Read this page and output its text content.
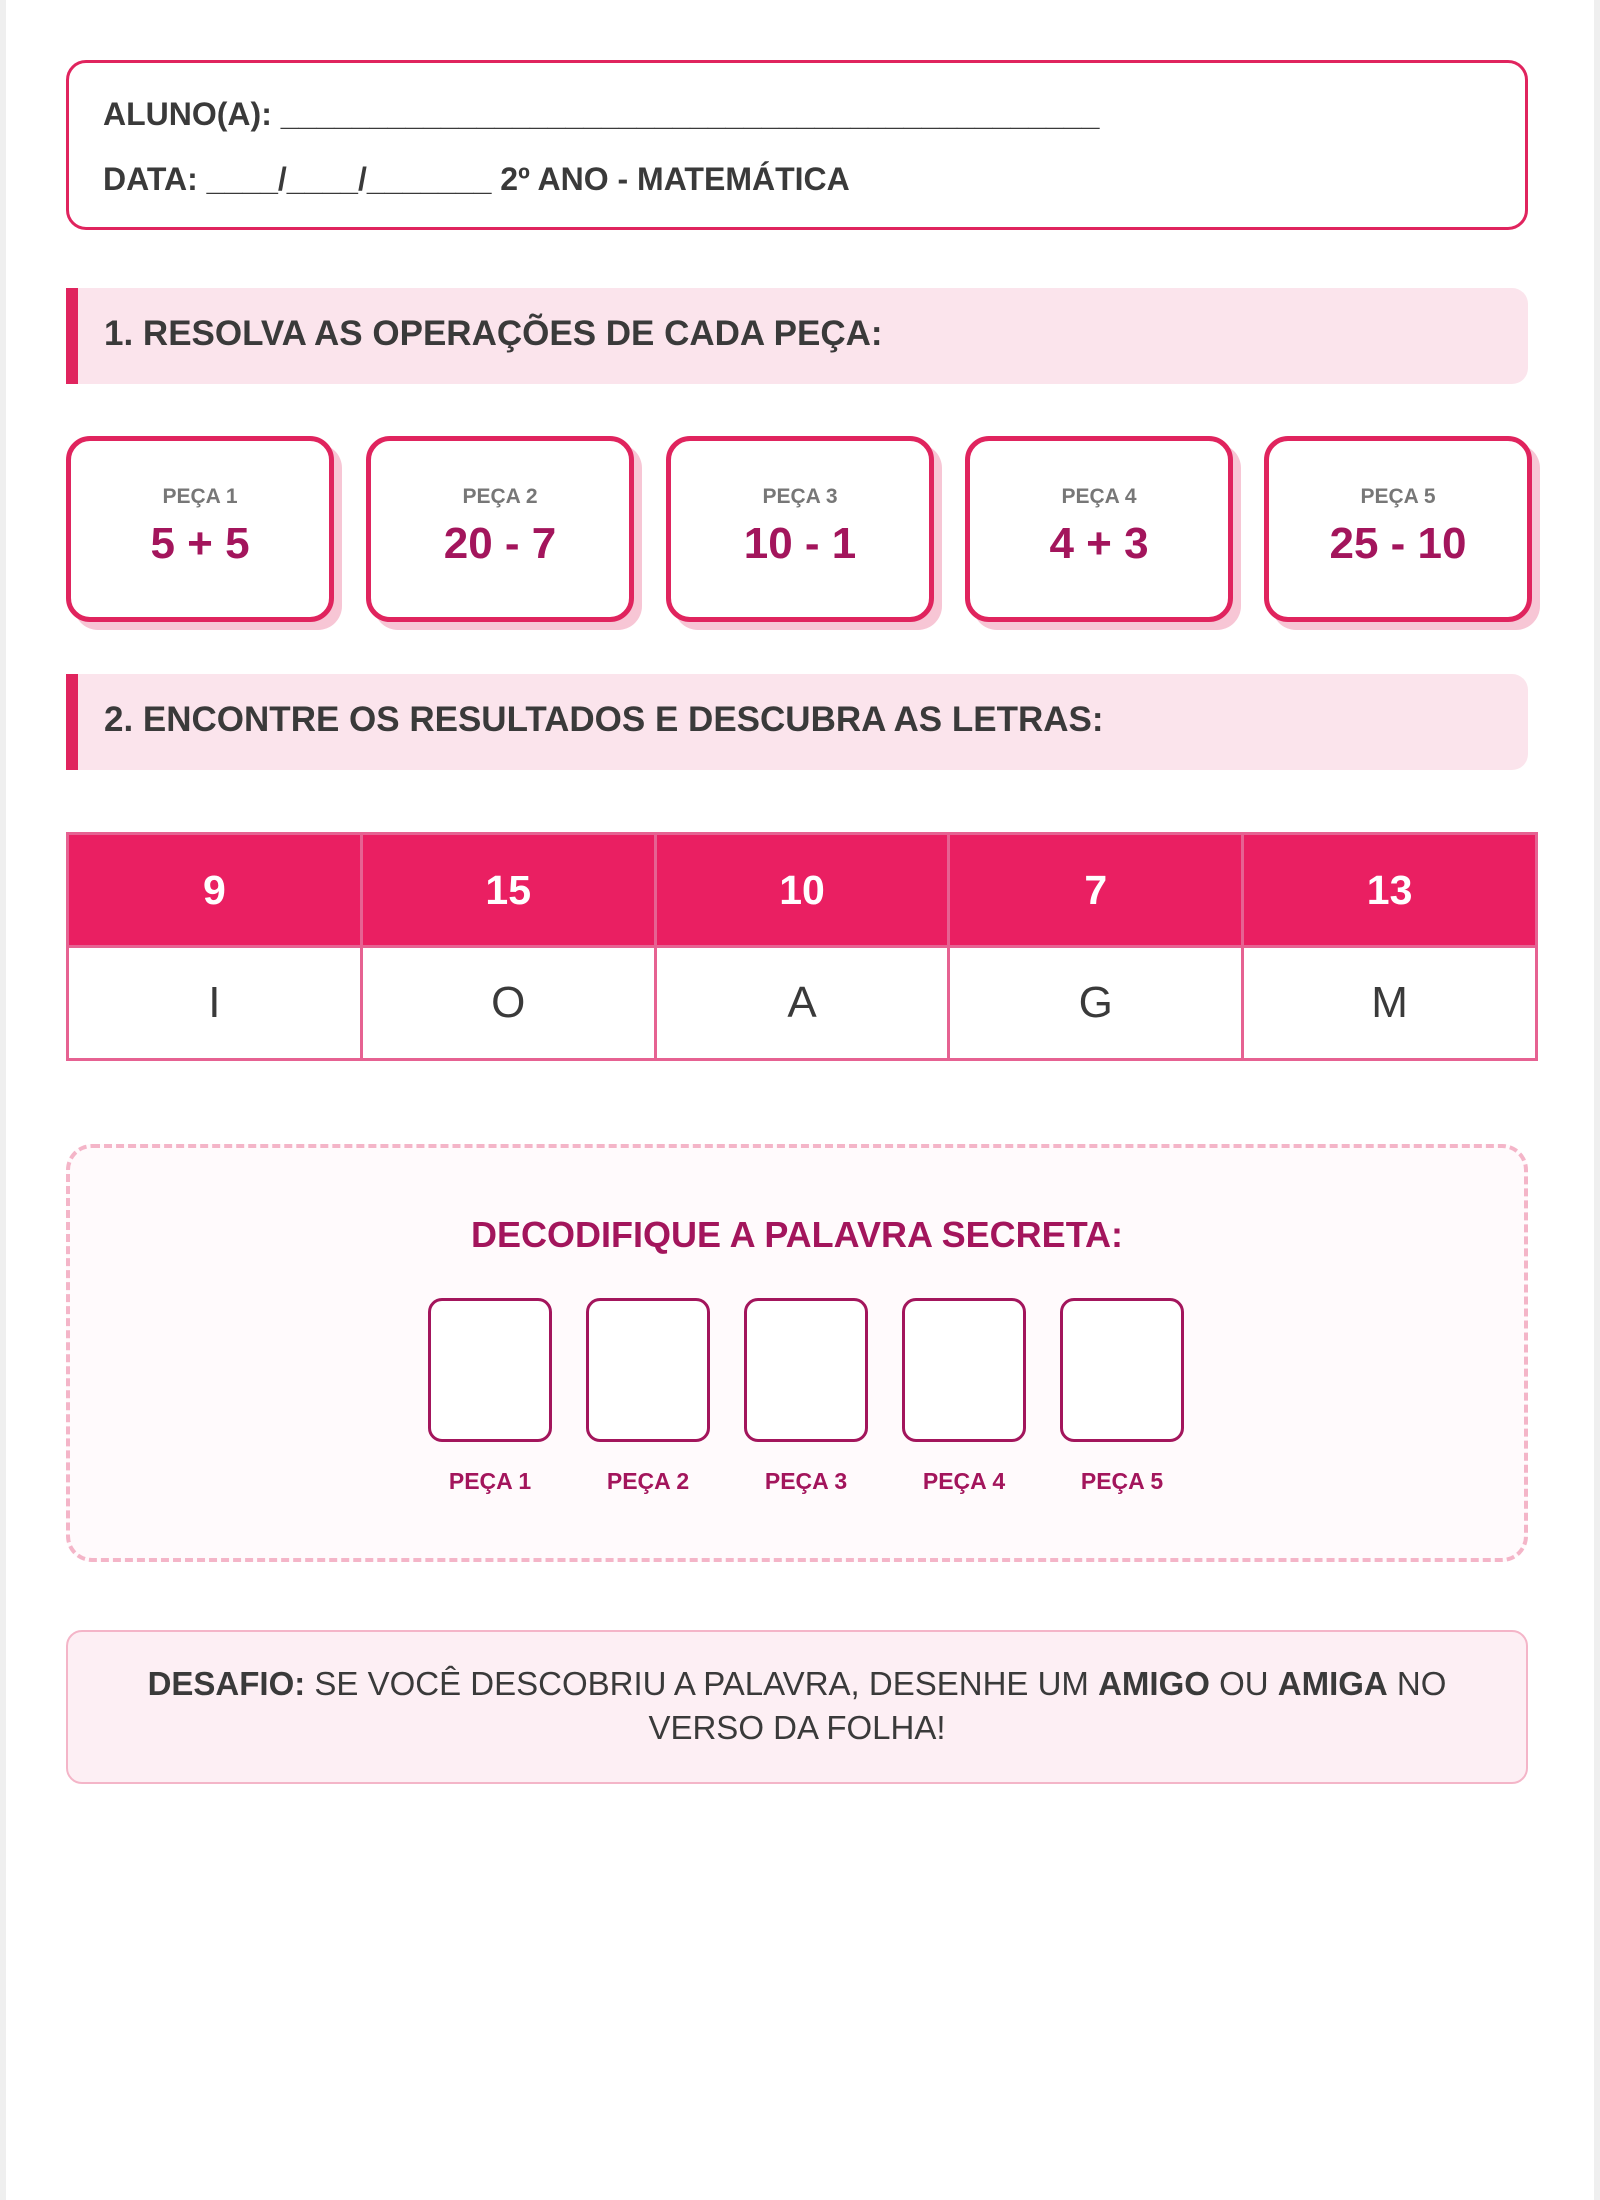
ALUNO(A): ______________________________________________
DATA: ____/____/_______ 2º ANO - MATEMÁTICA
1. RESOLVA AS OPERAÇÕES DE CADA PEÇA:
PEÇA 1
5 + 5
PEÇA 2
20 - 7
PEÇA 3
10 - 1
PEÇA 4
4 + 3
PEÇA 5
25 - 10
2. ENCONTRE OS RESULTADOS E DESCUBRA AS LETRAS:
9	15	10	7	13
I	O	A	G	M
DECODIFIQUE A PALAVRA SECRETA:
PEÇA 1	PEÇA 2	PEÇA 3	PEÇA 4	PEÇA 5

DESAFIO: SE VOCÊ DESCOBRIU A PALAVRA, DESENHE UM AMIGO OU AMIGA NO VERSO DA FOLHA!
